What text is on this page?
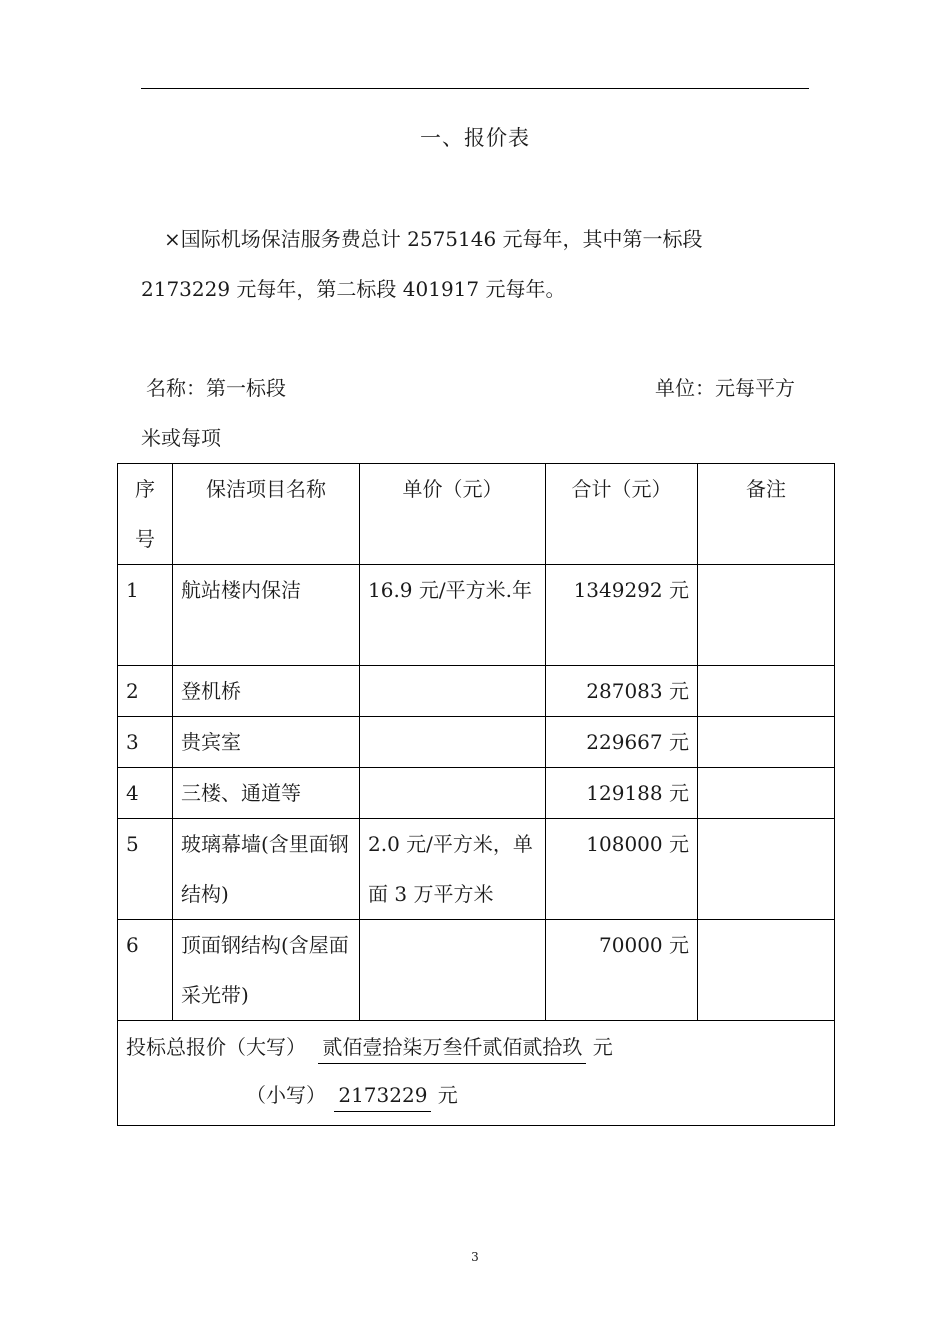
一、报价表
×国际机场保洁服务费总计 2575146 元每年，其中第一标段
2173229 元每年，第二标段 401917 元每年。
名称：第一标段	单位：元每平方
米或每项
序号	保洁项目名称	单价（元）	合计（元）	备注
1	航站楼内保洁	16.9 元/平方米.年	1349292 元	
2	登机桥		287083 元	
3	贵宾室		229667 元	
4	三楼、通道等		129188 元	
5	玻璃幕墙(含里面钢结构)	2.0 元/平方米，单面 3 万平方米	108000 元	
6	顶面钢结构(含屋面采光带)		70000 元	

投标总报价（大写） 贰佰壹拾柒万叁仟贰佰贰拾玖 元
（小写） 2173229 元				
3
